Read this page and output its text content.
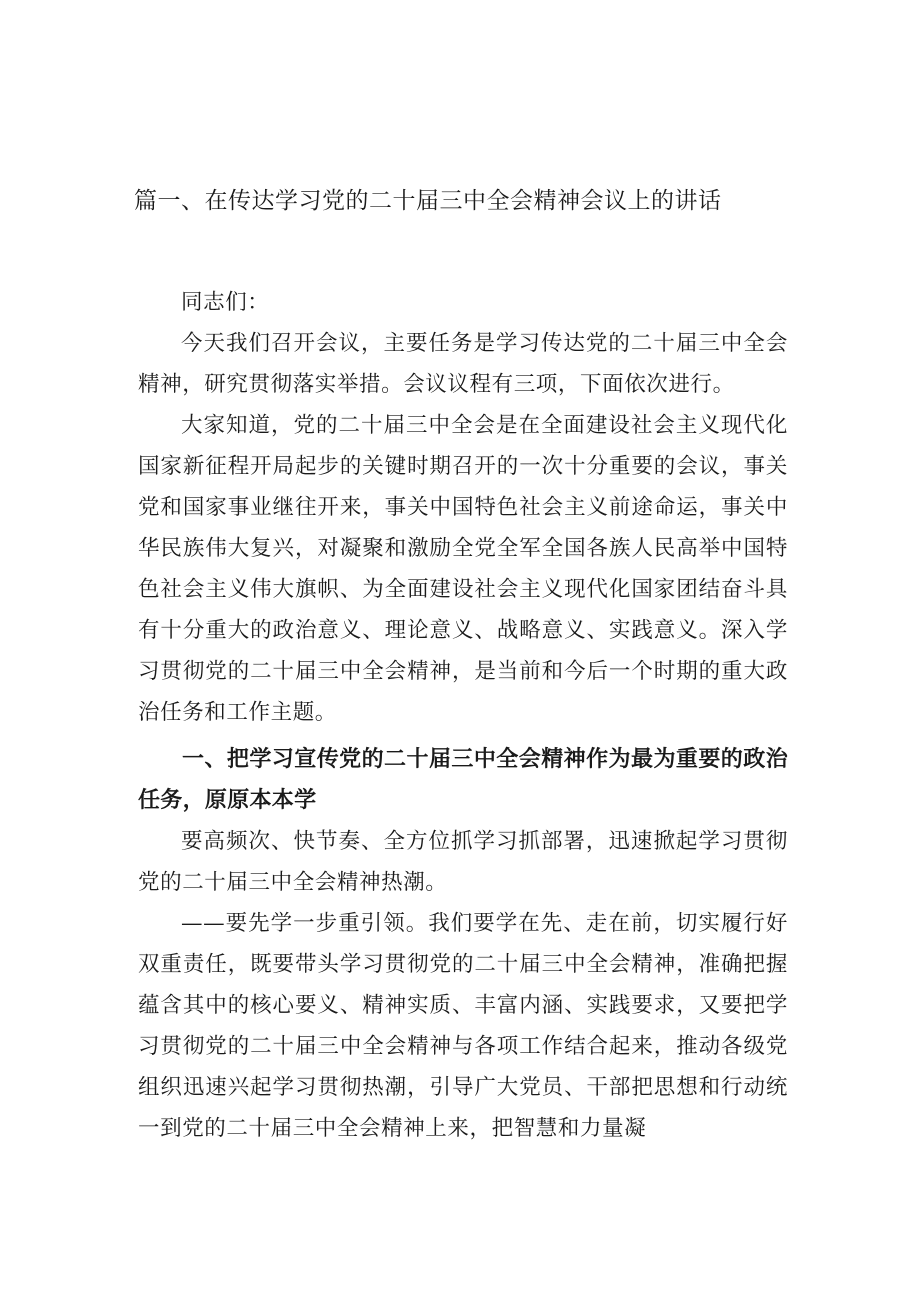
篇一、在传达学习党的二十届三中全会精神会议上的讲话

同志们：

今天我们召开会议，主要任务是学习传达党的二十届三中全会精神，研究贯彻落实举措。会议议程有三项，下面依次进行。

大家知道，党的二十届三中全会是在全面建设社会主义现代化国家新征程开局起步的关键时期召开的一次十分重要的会议，事关党和国家事业继往开来，事关中国特色社会主义前途命运，事关中华民族伟大复兴，对凝聚和激励全党全军全国各族人民高举中国特色社会主义伟大旗帜、为全面建设社会主义现代化国家团结奋斗具有十分重大的政治意义、理论意义、战略意义、实践意义。深入学习贯彻党的二十届三中全会精神，是当前和今后一个时期的重大政治任务和工作主题。

一、把学习宣传党的二十届三中全会精神作为最为重要的政治任务，原原本本学

要高频次、快节奏、全方位抓学习抓部署，迅速掀起学习贯彻党的二十届三中全会精神热潮。

——要先学一步重引领。我们要学在先、走在前，切实履行好双重责任，既要带头学习贯彻党的二十届三中全会精神，准确把握蕴含其中的核心要义、精神实质、丰富内涵、实践要求，又要把学习贯彻党的二十届三中全会精神与各项工作结合起来，推动各级党组织迅速兴起学习贯彻热潮，引导广大党员、干部把思想和行动统一到党的二十届三中全会精神上来，把智慧和力量凝
